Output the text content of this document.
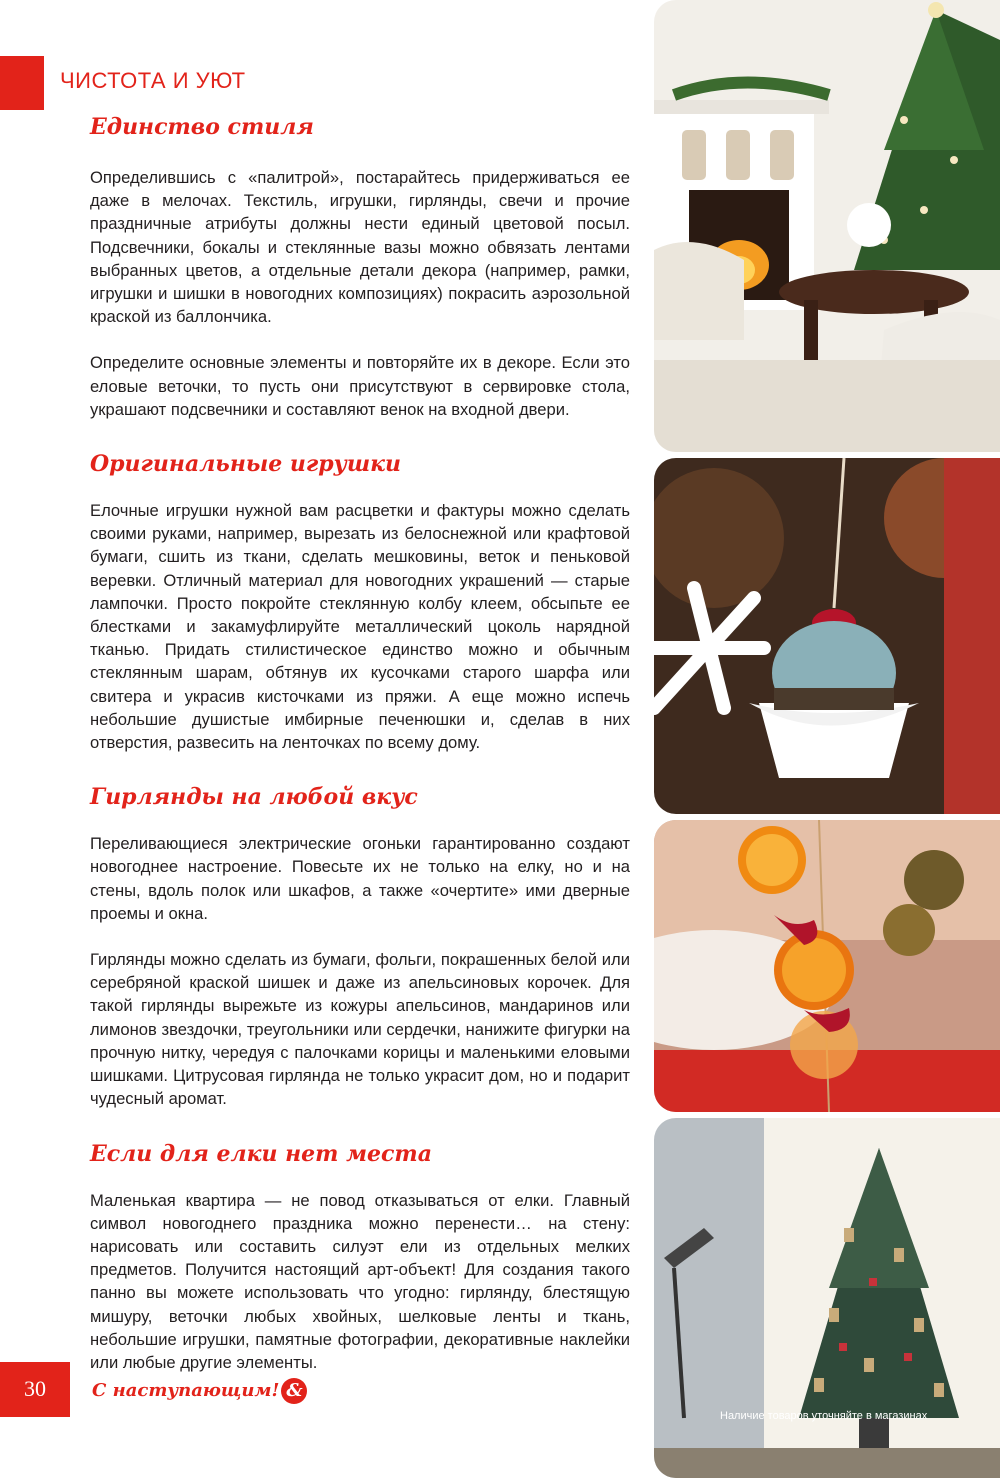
ЧИСТОТА И УЮТ
Единство стиля

Определившись с «палитрой», постарайтесь придерживаться ее даже в мелочах. Текстиль, игрушки, гирлянды, свечи и прочие праздничные атрибуты должны нести единый цветовой посыл. Подсвечники, бокалы и стеклянные вазы можно обвязать лентами выбранных цветов, а отдельные детали декора (например, рамки, игрушки и шишки в новогодних композициях) покрасить аэрозольной краской из баллончика.

Определите основные элементы и повторяйте их в декоре. Если это еловые веточки, то пусть они присутствуют в сервировке стола, украшают подсвечники и составляют венок на входной двери.

Оригинальные игрушки

Елочные игрушки нужной вам расцветки и фактуры можно сделать своими руками, например, вырезать из белоснежной или крафтовой бумаги, сшить из ткани, сделать мешковины, веток и пеньковой веревки. Отличный материал для новогодних украшений — старые лампочки. Просто покройте стеклянную колбу клеем, обсыпьте ее блестками и закамуфлируйте металлический цоколь нарядной тканью. Придать стилистическое единство можно и обычным стеклянным шарам, обтянув их кусочками старого шарфа или свитера и украсив кисточками из пряжи. А еще можно испечь небольшие душистые имбирные печенюшки и, сделав в них отверстия, развесить на ленточках по всему дому.

Гирлянды на любой вкус

Переливающиеся электрические огоньки гарантированно создают новогоднее настроение. Повесьте их не только на елку, но и на стены, вдоль полок или шкафов, а также «очертите» ими дверные проемы и окна.

Гирлянды можно сделать из бумаги, фольги, покрашенных белой или серебряной краской шишек и даже из апельсиновых корочек. Для такой гирлянды вырежьте из кожуры апельсинов, мандаринов или лимонов звездочки, треугольники или сердечки, нанижите фигурки на прочную нитку, чередуя с палочками корицы и маленькими еловыми шишками. Цитрусовая гирлянда не только украсит дом, но и подарит чудесный аромат.

Если для елки нет места

Маленькая квартира — не повод отказываться от елки. Главный символ новогоднего праздника можно перенести… на стену: нарисовать или составить силуэт ели из отдельных мелких предметов. Получится настоящий арт-объект! Для создания такого панно вы можете использовать что угодно: гирлянду, блестящую мишуру, веточки любых хвойных, шелковые ленты и ткань, небольшие игрушки, памятные фотографии, декоративные наклейки или любые другие элементы.

Наличие товаров уточняйте в магазинах
30	С наступающим! &
